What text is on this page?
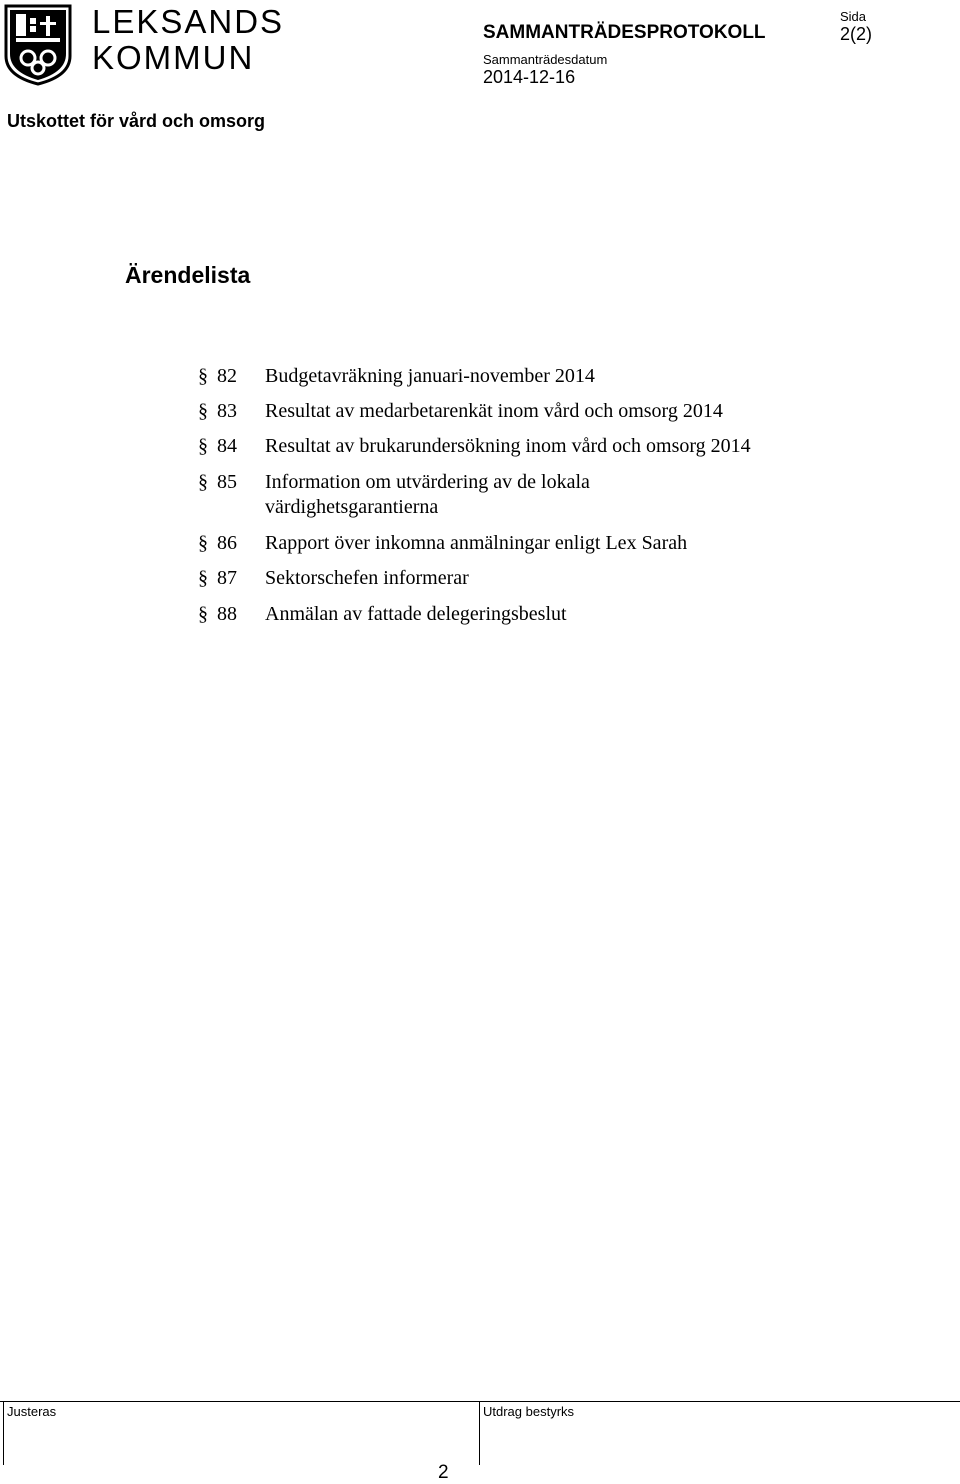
LEKSANDS
KOMMUN
SAMMANTRÄDESPROTOKOLL
Sida
2(2)
Sammanträdesdatum
2014-12-16
Utskottet för vård och omsorg
Ärendelista
§ 82 Budgetavräkning januari-november 2014
§ 83 Resultat av medarbetarenkät inom vård och omsorg 2014
§ 84 Resultat av brukarundersökning inom vård och omsorg 2014
§ 85 Information om utvärdering av de lokala värdighetsgarantierna
§ 86 Rapport över inkomna anmälningar enligt Lex Sarah
§ 87 Sektorschefen informerar
§ 88 Anmälan av fattade delegeringsbeslut
Justeras	Utdrag bestyrks
2
